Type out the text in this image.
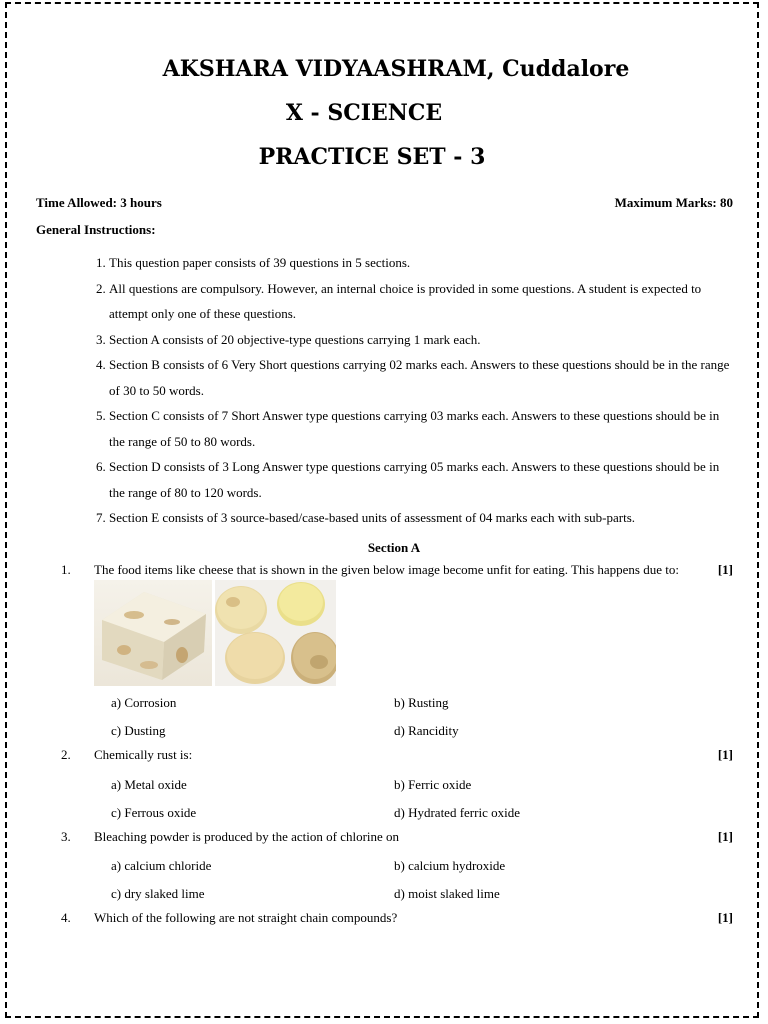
AKSHARA VIDYAASHRAM, Cuddalore
X - SCIENCE
PRACTICE SET - 3
Time Allowed: 3 hours	Maximum Marks: 80
General Instructions:
1. This question paper consists of 39 questions in 5 sections.
2. All questions are compulsory. However, an internal choice is provided in some questions. A student is expected to attempt only one of these questions.
3. Section A consists of 20 objective-type questions carrying 1 mark each.
4. Section B consists of 6 Very Short questions carrying 02 marks each. Answers to these questions should be in the range of 30 to 50 words.
5. Section C consists of 7 Short Answer type questions carrying 03 marks each. Answers to these questions should be in the range of 50 to 80 words.
6. Section D consists of 3 Long Answer type questions carrying 05 marks each. Answers to these questions should be in the range of 80 to 120 words.
7. Section E consists of 3 source-based/case-based units of assessment of 04 marks each with sub-parts.
Section A
1. The food items like cheese that is shown in the given below image become unfit for eating. This happens due to:	[1]
a) Corrosion	b) Rusting
c) Dusting	d) Rancidity
2. Chemically rust is:	[1]
a) Metal oxide	b) Ferric oxide
c) Ferrous oxide	d) Hydrated ferric oxide
3. Bleaching powder is produced by the action of chlorine on	[1]
a) calcium chloride	b) calcium hydroxide
c) dry slaked lime	d) moist slaked lime
4. Which of the following are not straight chain compounds?	[1]
